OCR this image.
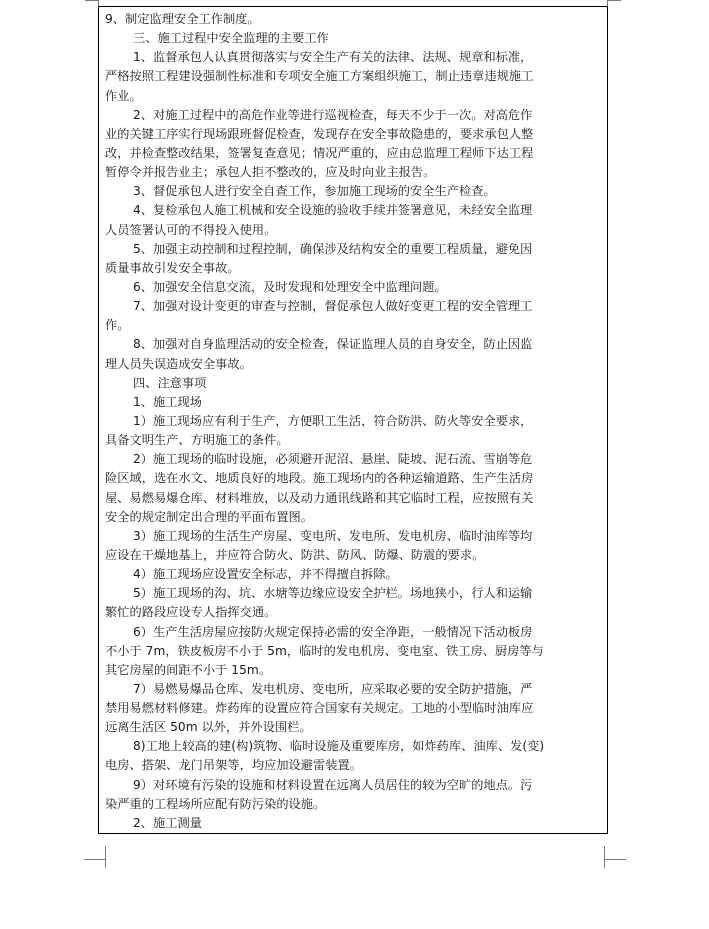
9、制定监理安全工作制度。
三、施工过程中安全监理的主要工作
1、监督承包人认真贯彻落实与安全生产有关的法律、法规、规章和标准，
严格按照工程建设强制性标准和专项安全施工方案组织施工，制止违章违规施工
作业。
2、对施工过程中的高危作业等进行巡视检查，每天不少于一次。对高危作
业的关键工序实行现场跟班督促检查，发现存在安全事故隐患的，要求承包人整
改，并检查整改结果，签署复查意见；情况严重的，应由总监理工程师下达工程
暂停令并报告业主；承包人拒不整改的，应及时向业主报告。
3、督促承包人进行安全自查工作，参加施工现场的安全生产检查。
4、复检承包人施工机械和安全设施的验收手续并签署意见，未经安全监理
人员签署认可的不得投入使用。
5、加强主动控制和过程控制，确保涉及结构安全的重要工程质量，避免因
质量事故引发安全事故。
6、加强安全信息交流，及时发现和处理安全中监理问题。
7、加强对设计变更的审查与控制，督促承包人做好变更工程的安全管理工
作。
8、加强对自身监理活动的安全检查，保证监理人员的自身安全，防止因监
理人员失误造成安全事故。
四、注意事项
1、施工现场
1）施工现场应有利于生产，方便职工生活，符合防洪、防火等安全要求，
具备文明生产、方明施工的条件。
2）施工现场的临时设施，必须避开泥沼、悬崖、陡坡、泥石流、雪崩等危
险区域，选在水文、地质良好的地段。施工现场内的各种运输道路、生产生活房
屋、易燃易爆仓库、材料堆放，以及动力通讯线路和其它临时工程，应按照有关
安全的规定制定出合理的平面布置图。
3）施工现场的生活生产房屋、变电所、发电所、发电机房、临时油库等均
应设在干燥地基上，并应符合防火、防洪、防风、防爆、防震的要求。
4）施工现场应设置安全标志，并不得擅自拆除。
5）施工现场的沟、坑、水塘等边缘应设安全护栏。场地狭小，行人和运输
繁忙的路段应设专人指挥交通。
6）生产生活房屋应按防火规定保持必需的安全净距，一般情况下活动板房
不小于 7m，铁皮板房不小于 5m，临时的发电机房、变电室、铁工房、厨房等与
其它房屋的间距不小于 15m。
7）易燃易爆品仓库、发电机房、变电所，应采取必要的安全防护措施，严
禁用易燃材料修建。炸药库的设置应符合国家有关规定。工地的小型临时油库应
远离生活区 50m 以外，并外设围栏。
8)工地上较高的建(构)筑物、临时设施及重要库房，如炸药库、油库、发(变)
电房、搭架、龙门吊架等，均应加设避雷装置。
9）对环境有污染的设施和材料设置在远离人员居住的较为空旷的地点。污
染严重的工程场所应配有防污染的设施。
2、施工测量
